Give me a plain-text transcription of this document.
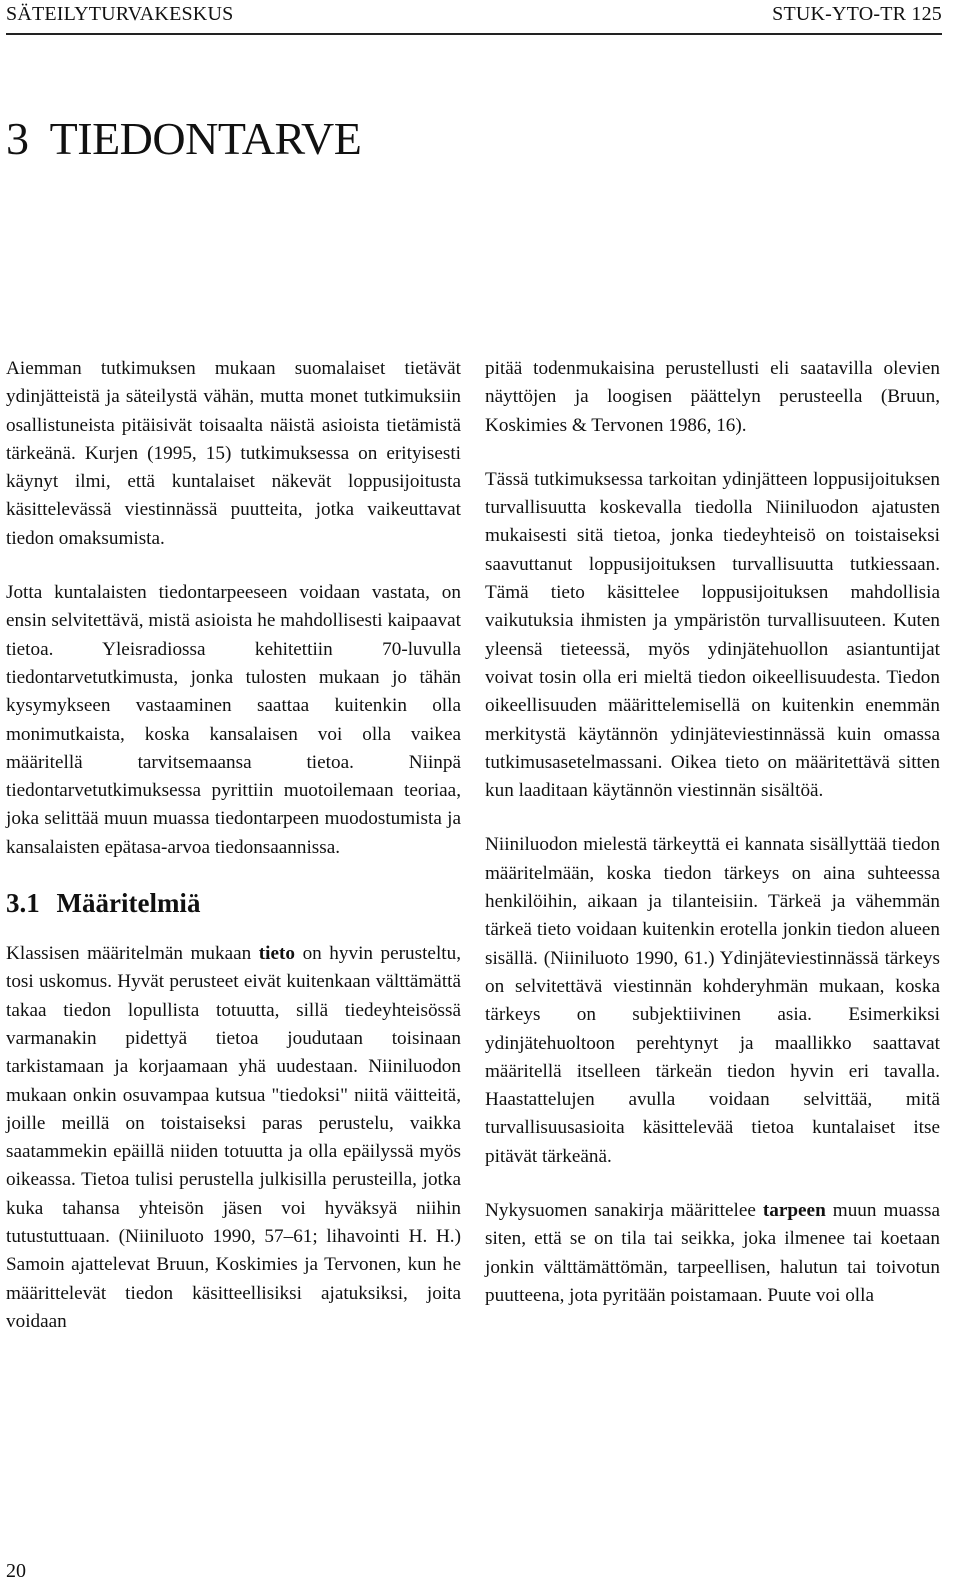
SÄTEILYTURVAKESKUS	STUK-YTO-TR 125
3  TIEDONTARVE

Aiemman tutkimuksen mukaan suomalaiset tietävät ydinjätteistä ja säteilystä vähän, mutta monet tutkimuksiin osallistuneista pitäisivät toisaalta näistä asioista tietämistä tärkeänä. Kurjen (1995, 15) tutkimuksessa on erityisesti käynyt ilmi, että kuntalaiset näkevät loppusijoitusta käsittelevässä viestinnässä puutteita, jotka vaikeuttavat tiedon omaksumista.

Jotta kuntalaisten tiedontarpeeseen voidaan vastata, on ensin selvitettävä, mistä asioista he mahdollisesti kaipaavat tietoa. Yleisradiossa kehitettiin 70-luvulla tiedontarvetutkimusta, jonka tulosten mukaan jo tähän kysymykseen vastaaminen saattaa kuitenkin olla monimutkaista, koska kansalaisen voi olla vaikea määritellä tarvitsemaansa tietoa. Niinpä tiedontarvetutkimuksessa pyrittiin muotoilemaan teoriaa, joka selittää muun muassa tiedontarpeen muodostumista ja kansalaisten epätasa-arvoa tiedonsaannissa.

3.1 Määritelmiä

Klassisen määritelmän mukaan tieto on hyvin perusteltu, tosi uskomus. Hyvät perusteet eivät kuitenkaan välttämättä takaa tiedon lopullista totuutta, sillä tiedeyhteisössä varmanakin pidettyä tietoa joudutaan toisinaan tarkistamaan ja korjaamaan yhä uudestaan. Niiniluodon mukaan onkin osuvampaa kutsua "tiedoksi" niitä väitteitä, joille meillä on toistaiseksi paras perustelu, vaikka saatammekin epäillä niiden totuutta ja olla epäilyssä myös oikeassa. Tietoa tulisi perustella julkisilla perusteilla, jotka kuka tahansa yhteisön jäsen voi hyväksyä niihin tutustuttuaan. (Niiniluoto 1990, 57–61; lihavointi H. H.) Samoin ajattelevat Bruun, Koskimies ja Tervonen, kun he määrittelevät tiedon käsitteellisiksi ajatuksiksi, joita voidaan

pitää todenmukaisina perustellusti eli saatavilla olevien näyttöjen ja loogisen päättelyn perusteella (Bruun, Koskimies & Tervonen 1986, 16).

Tässä tutkimuksessa tarkoitan ydinjätteen loppusijoituksen turvallisuutta koskevalla tiedolla Niiniluodon ajatusten mukaisesti sitä tietoa, jonka tiedeyhteisö on toistaiseksi saavuttanut loppusijoituksen turvallisuutta tutkiessaan. Tämä tieto käsittelee loppusijoituksen mahdollisia vaikutuksia ihmisten ja ympäristön turvallisuuteen. Kuten yleensä tieteessä, myös ydinjätehuollon asiantuntijat voivat tosin olla eri mieltä tiedon oikeellisuudesta. Tiedon oikeellisuuden määrittelemisellä on kuitenkin enemmän merkitystä käytännön ydinjäteviestinnässä kuin omassa tutkimusasetelmassani. Oikea tieto on määritettävä sitten kun laaditaan käytännön viestinnän sisältöä.

Niiniluodon mielestä tärkeyttä ei kannata sisällyttää tiedon määritelmään, koska tiedon tärkeys on aina suhteessa henkilöihin, aikaan ja tilanteisiin. Tärkeä ja vähemmän tärkeä tieto voidaan kuitenkin erotella jonkin tiedon alueen sisällä. (Niiniluoto 1990, 61.) Ydinjäteviestinnässä tärkeys on selvitettävä viestinnän kohderyhmän mukaan, koska tärkeys on subjektiivinen asia. Esimerkiksi ydinjätehuoltoon perehtynyt ja maallikko saattavat määritellä itselleen tärkeän tiedon hyvin eri tavalla. Haastattelujen avulla voidaan selvittää, mitä turvallisuusasioita käsittelevää tietoa kuntalaiset itse pitävät tärkeänä.

Nykysuomen sanakirja määrittelee tarpeen muun muassa siten, että se on tila tai seikka, joka ilmenee tai koetaan jonkin välttämättömän, tarpeellisen, halutun tai toivotun puutteena, jota pyritään poistamaan. Puute voi olla

20
